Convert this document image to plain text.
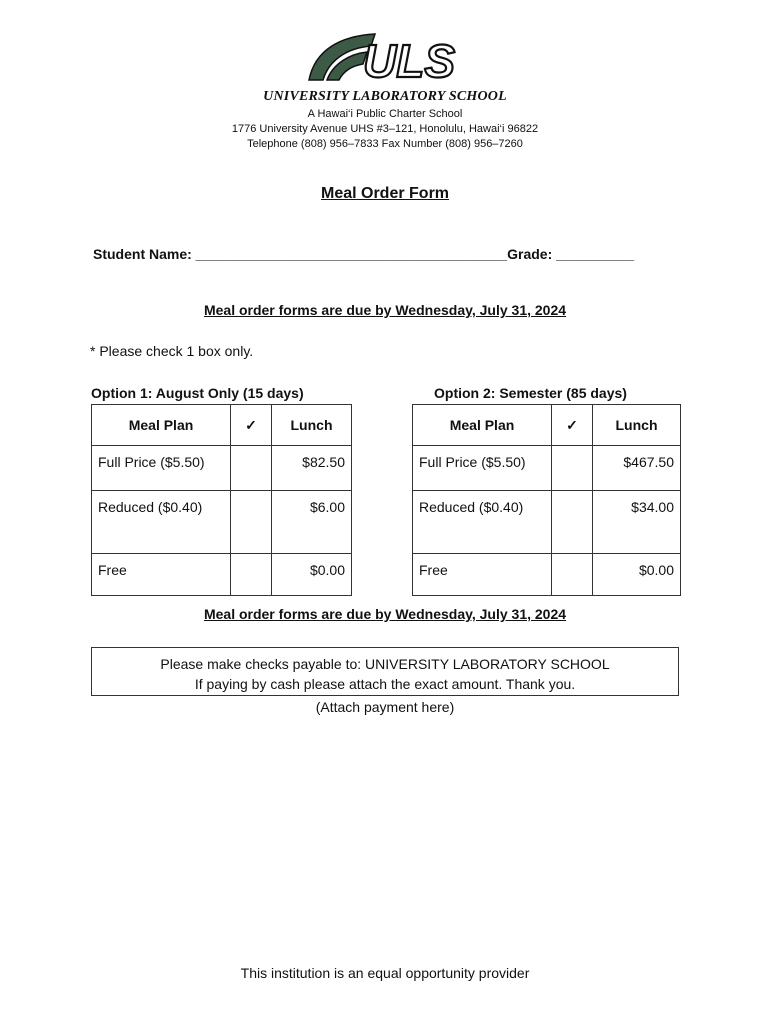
ULS
UNIVERSITY LABORATORY SCHOOL
A Hawai‘i Public Charter School
1776 University Avenue UHS #3–121, Honolulu, Hawai‘i 96822
Telephone (808) 956–7833 Fax Number (808) 956–7260
Meal Order Form
Student Name: ________________________________________Grade: __________
Meal order forms are due by Wednesday, July 31, 2024
* Please check 1 box only.
Option 1: August Only (15 days)	Option 2: Semester (85 days)
Meal Plan	✓	Lunch
Full Price ($5.50)		$82.50
Reduced ($0.40)		$6.00
Free		$0.00
Meal Plan	✓	Lunch
Full Price ($5.50)		$467.50
Reduced ($0.40)		$34.00
Free		$0.00
Meal order forms are due by Wednesday, July 31, 2024
Please make checks payable to: UNIVERSITY LABORATORY SCHOOL
If paying by cash please attach the exact amount. Thank you.
(Attach payment here)
This institution is an equal opportunity provider
